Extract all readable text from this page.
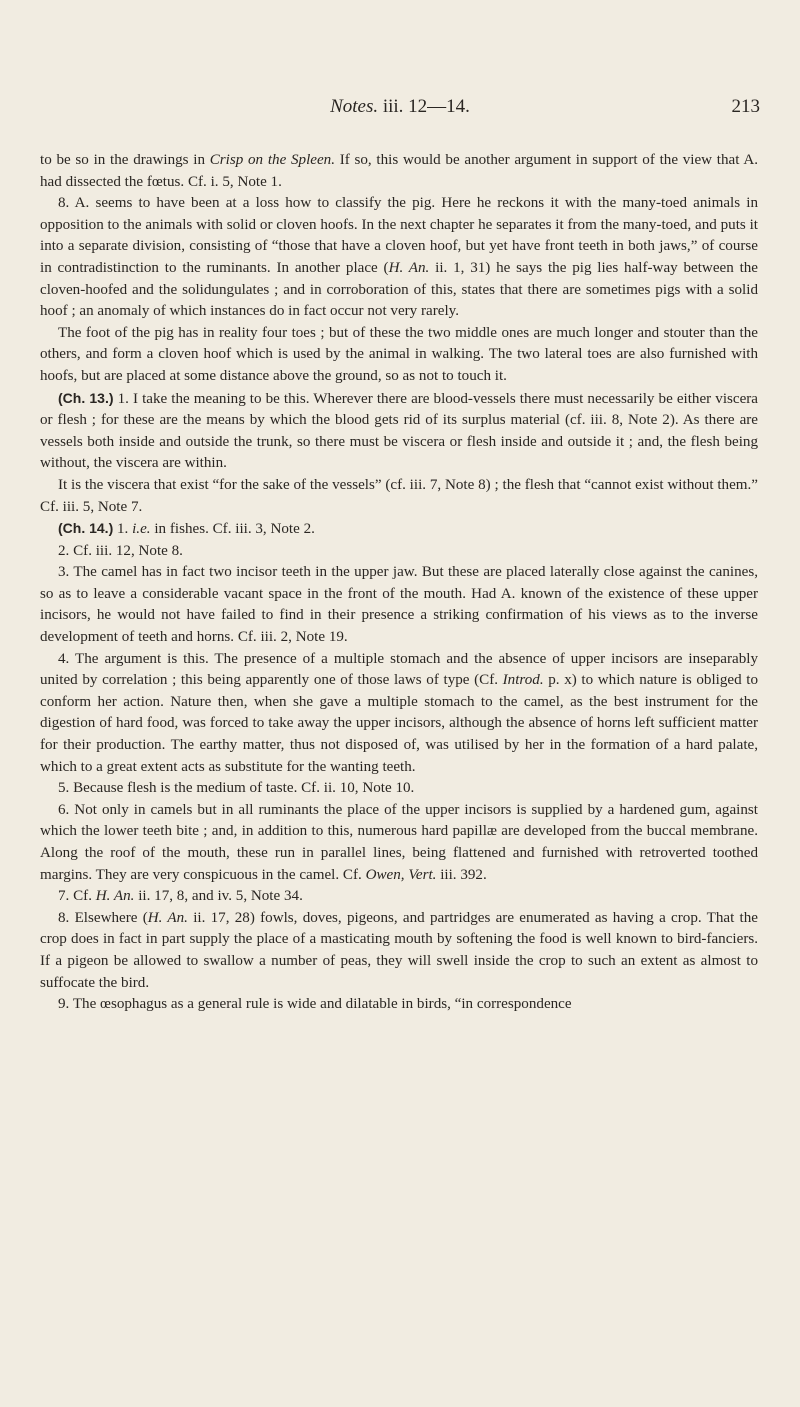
Notes. iii. 12—14.	213

to be so in the drawings in Crisp on the Spleen. If so, this would be another argument in support of the view that A. had dissected the fœtus. Cf. i. 5, Note 1.

8. A. seems to have been at a loss how to classify the pig. Here he reckons it with the many-toed animals in opposition to the animals with solid or cloven hoofs. In the next chapter he separates it from the many-toed, and puts it into a separate division, consisting of “those that have a cloven hoof, but yet have front teeth in both jaws,” of course in contradistinction to the ruminants. In another place (H. An. ii. 1, 31) he says the pig lies half-way between the cloven-hoofed and the solidungulates ; and in corroboration of this, states that there are sometimes pigs with a solid hoof ; an anomaly of which instances do in fact occur not very rarely.

The foot of the pig has in reality four toes ; but of these the two middle ones are much longer and stouter than the others, and form a cloven hoof which is used by the animal in walking. The two lateral toes are also furnished with hoofs, but are placed at some distance above the ground, so as not to touch it.

(Ch. 13.) 1. I take the meaning to be this. Wherever there are blood-vessels there must necessarily be either viscera or flesh ; for these are the means by which the blood gets rid of its surplus material (cf. iii. 8, Note 2). As there are vessels both inside and outside the trunk, so there must be viscera or flesh inside and outside it ; and, the flesh being without, the viscera are within.

It is the viscera that exist “for the sake of the vessels” (cf. iii. 7, Note 8) ; the flesh that “cannot exist without them.” Cf. iii. 5, Note 7.

(Ch. 14.) 1. i.e. in fishes. Cf. iii. 3, Note 2.

2. Cf. iii. 12, Note 8.

3. The camel has in fact two incisor teeth in the upper jaw. But these are placed laterally close against the canines, so as to leave a considerable vacant space in the front of the mouth. Had A. known of the existence of these upper incisors, he would not have failed to find in their presence a striking confirmation of his views as to the inverse development of teeth and horns. Cf. iii. 2, Note 19.

4. The argument is this. The presence of a multiple stomach and the absence of upper incisors are inseparably united by correlation ; this being apparently one of those laws of type (Cf. Introd. p. x) to which nature is obliged to conform her action. Nature then, when she gave a multiple stomach to the camel, as the best instrument for the digestion of hard food, was forced to take away the upper incisors, although the absence of horns left sufficient matter for their production. The earthy matter, thus not disposed of, was utilised by her in the formation of a hard palate, which to a great extent acts as substitute for the wanting teeth.

5. Because flesh is the medium of taste. Cf. ii. 10, Note 10.

6. Not only in camels but in all ruminants the place of the upper incisors is supplied by a hardened gum, against which the lower teeth bite ; and, in addition to this, numerous hard papillæ are developed from the buccal membrane. Along the roof of the mouth, these run in parallel lines, being flattened and furnished with retroverted toothed margins. They are very conspicuous in the camel. Cf. Owen, Vert. iii. 392.

7. Cf. H. An. ii. 17, 8, and iv. 5, Note 34.

8. Elsewhere (H. An. ii. 17, 28) fowls, doves, pigeons, and partridges are enumerated as having a crop. That the crop does in fact in part supply the place of a masticating mouth by softening the food is well known to bird-fanciers. If a pigeon be allowed to swallow a number of peas, they will swell inside the crop to such an extent as almost to suffocate the bird.

9. The œsophagus as a general rule is wide and dilatable in birds, “in correspondence
